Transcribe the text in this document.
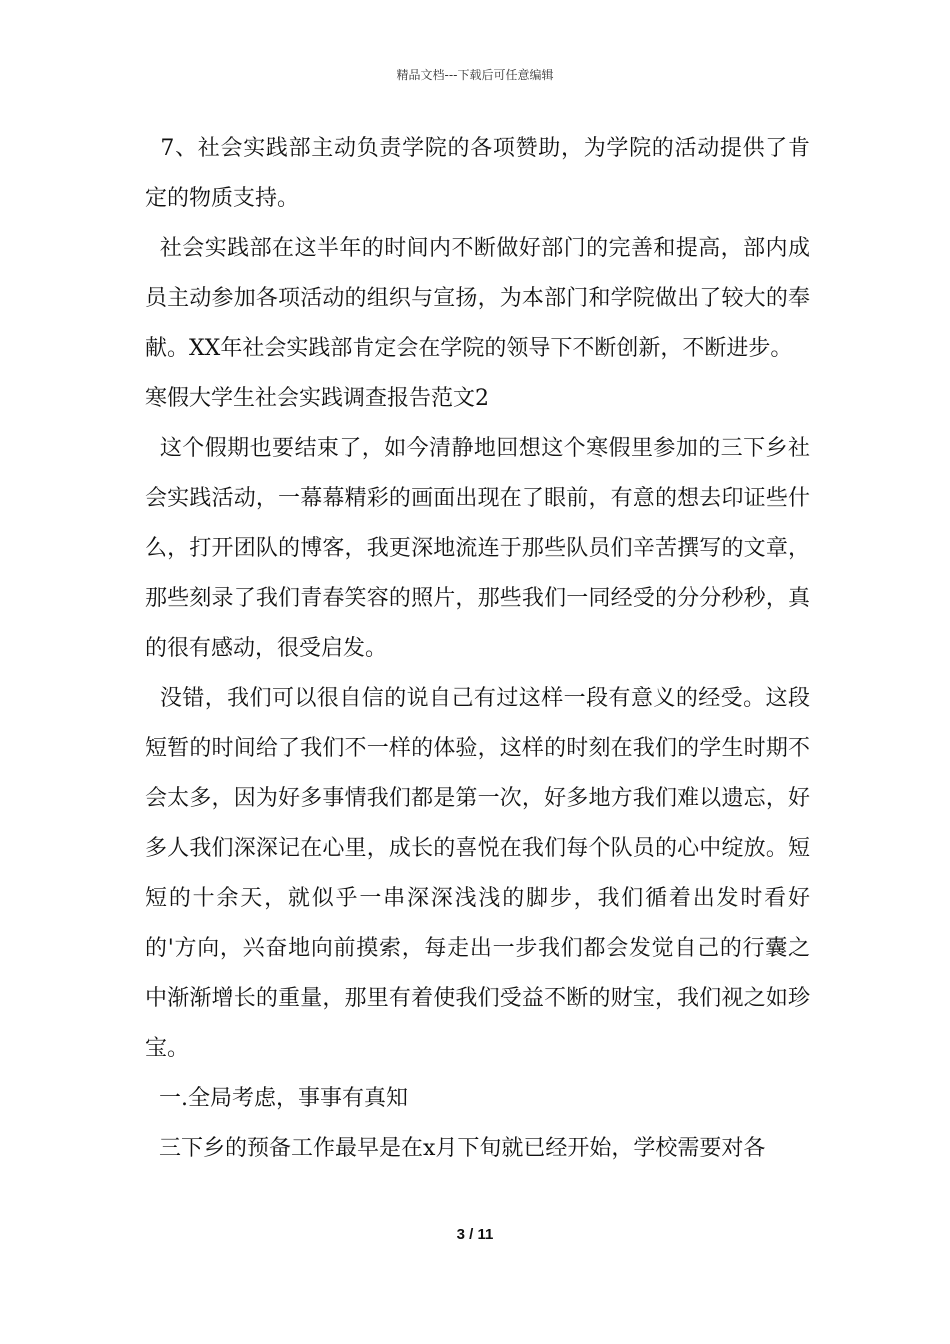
精品文档---下载后可任意编辑

7、社会实践部主动负责学院的各项赞助，为学院的活动提供了肯定的物质支持。

社会实践部在这半年的时间内不断做好部门的完善和提高，部内成员主动参加各项活动的组织与宣扬，为本部门和学院做出了较大的奉献。XX年社会实践部肯定会在学院的领导下不断创新，不断进步。

寒假大学生社会实践调查报告范文2

这个假期也要结束了，如今清静地回想这个寒假里参加的三下乡社会实践活动，一幕幕精彩的画面出现在了眼前，有意的想去印证些什么，打开团队的博客，我更深地流连于那些队员们辛苦撰写的文章，那些刻录了我们青春笑容的照片，那些我们一同经受的分分秒秒，真的很有感动，很受启发。

没错，我们可以很自信的说自己有过这样一段有意义的经受。这段短暂的时间给了我们不一样的体验，这样的时刻在我们的学生时期不会太多，因为好多事情我们都是第一次，好多地方我们难以遗忘，好多人我们深深记在心里，成长的喜悦在我们每个队员的心中绽放。短短的十余天，就似乎一串深深浅浅的脚步，我们循着出发时看好的'方向，兴奋地向前摸索，每走出一步我们都会发觉自己的行囊之中渐渐增长的重量，那里有着使我们受益不断的财宝，我们视之如珍宝。

一.全局考虑，事事有真知

三下乡的预备工作最早是在x月下旬就已经开始，学校需要对各

3 / 11
